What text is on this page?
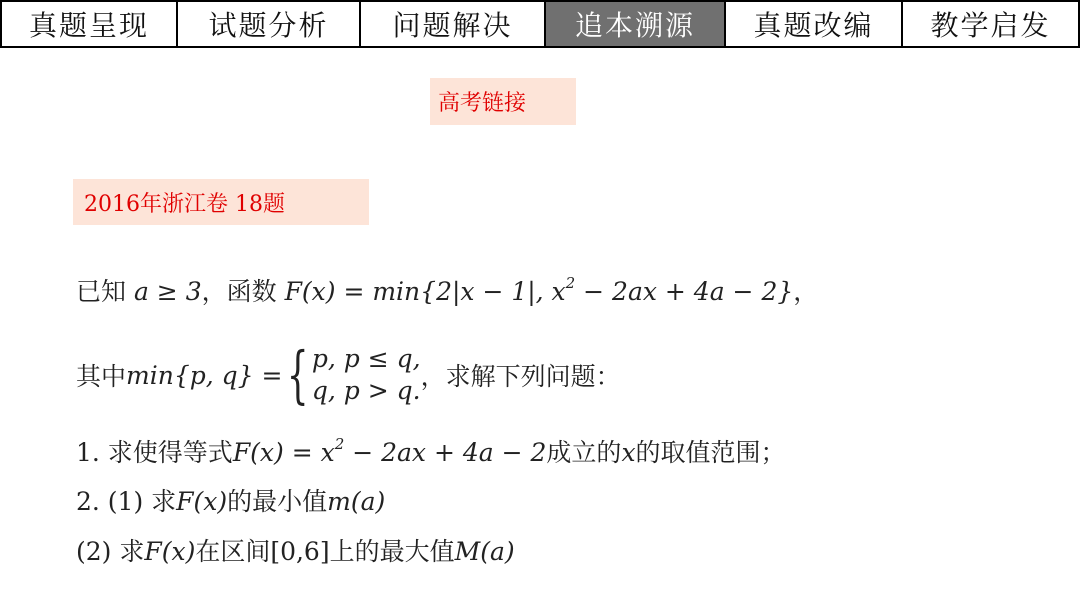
真题呈现	试题分析	问题解决	追本溯源	真题改编	教学启发
高考链接
2016年浙江卷 18题
已知 a ≥ 3，函数 F(x) = min{2|x − 1|, $x^2 - 2ax + 4a - 2$}，
其中 min{p, q} = { p, p ≤ q,
q, p > q. ，求解下列问题：
1. 求使得等式$F(x) = x^2 - 2ax + 4a - 2$成立的x的取值范围；
2. (1) 求F(x)的最小值m(a)
(2) 求F(x)在区间[0,6]上的最大值M(a)
